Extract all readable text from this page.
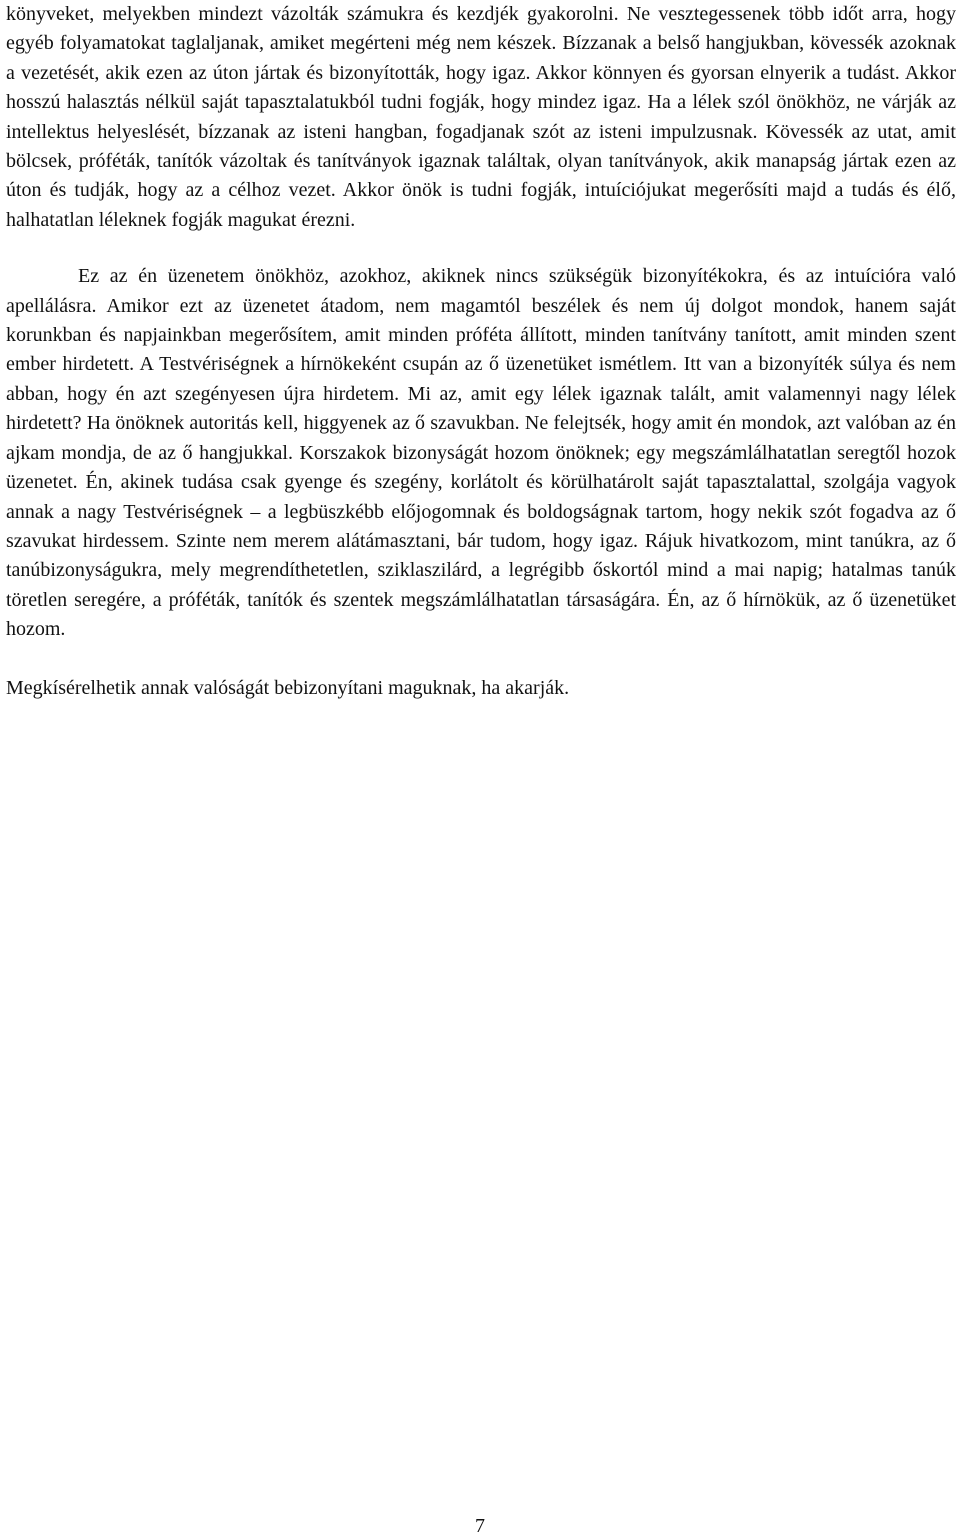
könyveket, melyekben mindezt vázolták számukra és kezdjék gyakorolni. Ne vesztegessenek több időt arra, hogy egyéb folyamatokat taglaljanak, amiket megérteni még nem készek. Bízzanak a belső hangjukban, kövessék azoknak a vezetését, akik ezen az úton jártak és bizonyították, hogy igaz. Akkor könnyen és gyorsan elnyerik a tudást. Akkor hosszú halasztás nélkül saját tapasztalatukból tudni fogják, hogy mindez igaz. Ha a lélek szól önökhöz, ne várják az intellektus helyeslését, bízzanak az isteni hangban, fogadjanak szót az isteni impulzusnak. Kövessék az utat, amit bölcsek, próféták, tanítók vázoltak és tanítványok igaznak találtak, olyan tanítványok, akik manapság jártak ezen az úton és tudják, hogy az a célhoz vezet. Akkor önök is tudni fogják, intuíciójukat megerősíti majd a tudás és élő, halhatatlan léleknek fogják magukat érezni.

Ez az én üzenetem önökhöz, azokhoz, akiknek nincs szükségük bizonyítékokra, és az intuícióra való apellálásra. Amikor ezt az üzenetet átadom, nem magamtól beszélek és nem új dolgot mondok, hanem saját korunkban és napjainkban megerősítem, amit minden próféta állított, minden tanítvány tanított, amit minden szent ember hirdetett. A Testvériségnek a hírnökeként csupán az ő üzenetüket ismétlem. Itt van a bizonyíték súlya és nem abban, hogy én azt szegényesen újra hirdetem. Mi az, amit egy lélek igaznak talált, amit valamennyi nagy lélek hirdetett? Ha önöknek autoritás kell, higgyenek az ő szavukban. Ne felejtsék, hogy amit én mondok, azt valóban az én ajkam mondja, de az ő hangjukkal. Korszakok bizonyságát hozom önöknek; egy megszámlálhatatlan seregtől hozok üzenetet. Én, akinek tudása csak gyenge és szegény, korlátolt és körülhatárolt saját tapasztalattal, szolgája vagyok annak a nagy Testvériségnek – a legbüszkébb előjogomnak és boldogságnak tartom, hogy nekik szót fogadva az ő szavukat hirdessem. Szinte nem merem alátámasztani, bár tudom, hogy igaz. Rájuk hivatkozom, mint tanúkra, az ő tanúbizonyságukra, mely megrendíthetetlen, sziklaszilárd, a legrégibb őskortól mind a mai napig; hatalmas tanúk töretlen seregére, a próféták, tanítók és szentek megszámlálhatatlan társaságára. Én, az ő hírnökük, az ő üzenetüket hozom.

Megkísérelhetik annak valóságát bebizonyítani maguknak, ha akarják.

7
